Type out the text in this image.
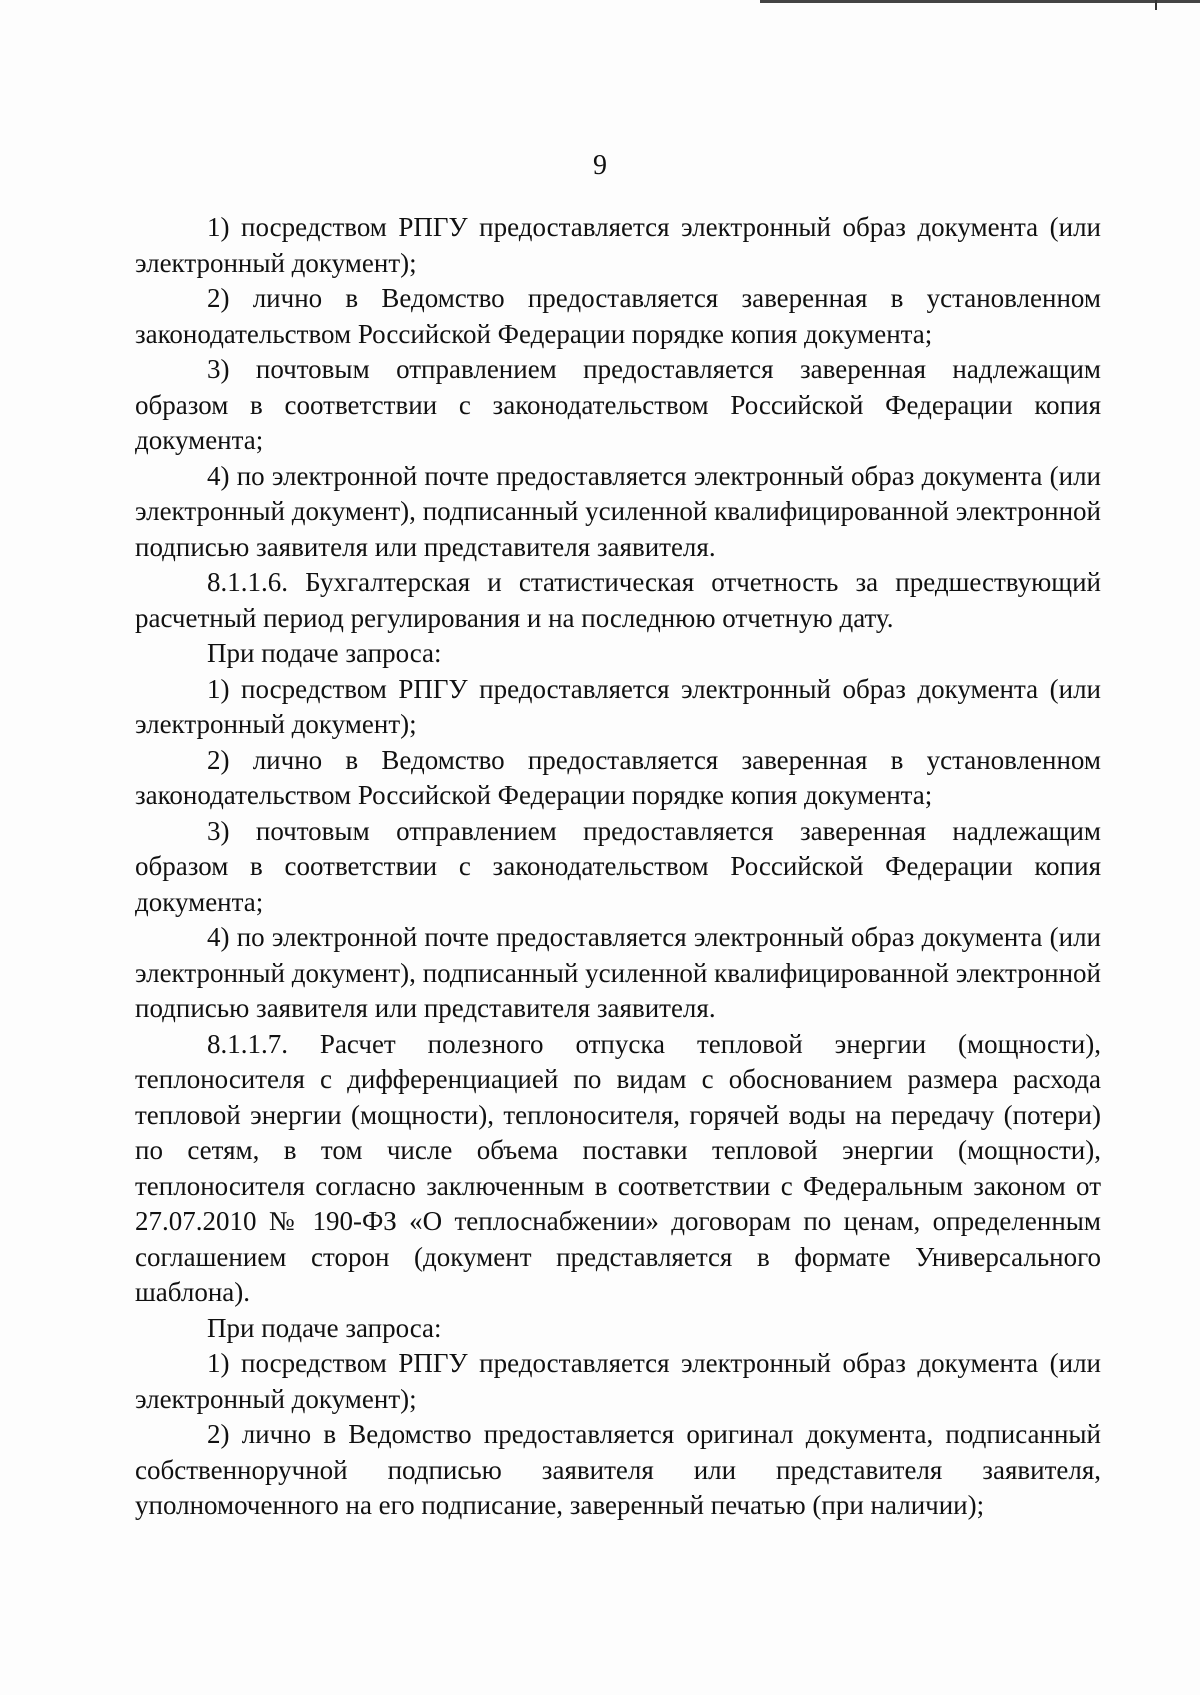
9

1) посредством РПГУ предоставляется электронный образ документа (или электронный документ);

2) лично в Ведомство предоставляется заверенная в установленном законодательством Российской Федерации порядке копия документа;

3) почтовым отправлением предоставляется заверенная надлежащим образом в соответствии с законодательством Российской Федерации копия документа;

4) по электронной почте предоставляется электронный образ документа (или электронный документ), подписанный усиленной квалифицированной электронной подписью заявителя или представителя заявителя.

8.1.1.6. Бухгалтерская и статистическая отчетность за предшествующий расчетный период регулирования и на последнюю отчетную дату.

При подаче запроса:

1) посредством РПГУ предоставляется электронный образ документа (или электронный документ);

2) лично в Ведомство предоставляется заверенная в установленном законодательством Российской Федерации порядке копия документа;

3) почтовым отправлением предоставляется заверенная надлежащим образом в соответствии с законодательством Российской Федерации копия документа;

4) по электронной почте предоставляется электронный образ документа (или электронный документ), подписанный усиленной квалифицированной электронной подписью заявителя или представителя заявителя.

8.1.1.7. Расчет полезного отпуска тепловой энергии (мощности), теплоносителя с дифференциацией по видам с обоснованием размера расхода тепловой энергии (мощности), теплоносителя, горячей воды на передачу (потери) по сетям, в том числе объема поставки тепловой энергии (мощности), теплоносителя согласно заключенным в соответствии с Федеральным законом от 27.07.2010 № 190-ФЗ «О теплоснабжении» договорам по ценам, определенным соглашением сторон (документ представляется в формате Универсального шаблона).

При подаче запроса:

1) посредством РПГУ предоставляется электронный образ документа (или электронный документ);

2) лично в Ведомство предоставляется оригинал документа, подписанный собственноручной подписью заявителя или представителя заявителя, уполномоченного на его подписание, заверенный печатью (при наличии);
